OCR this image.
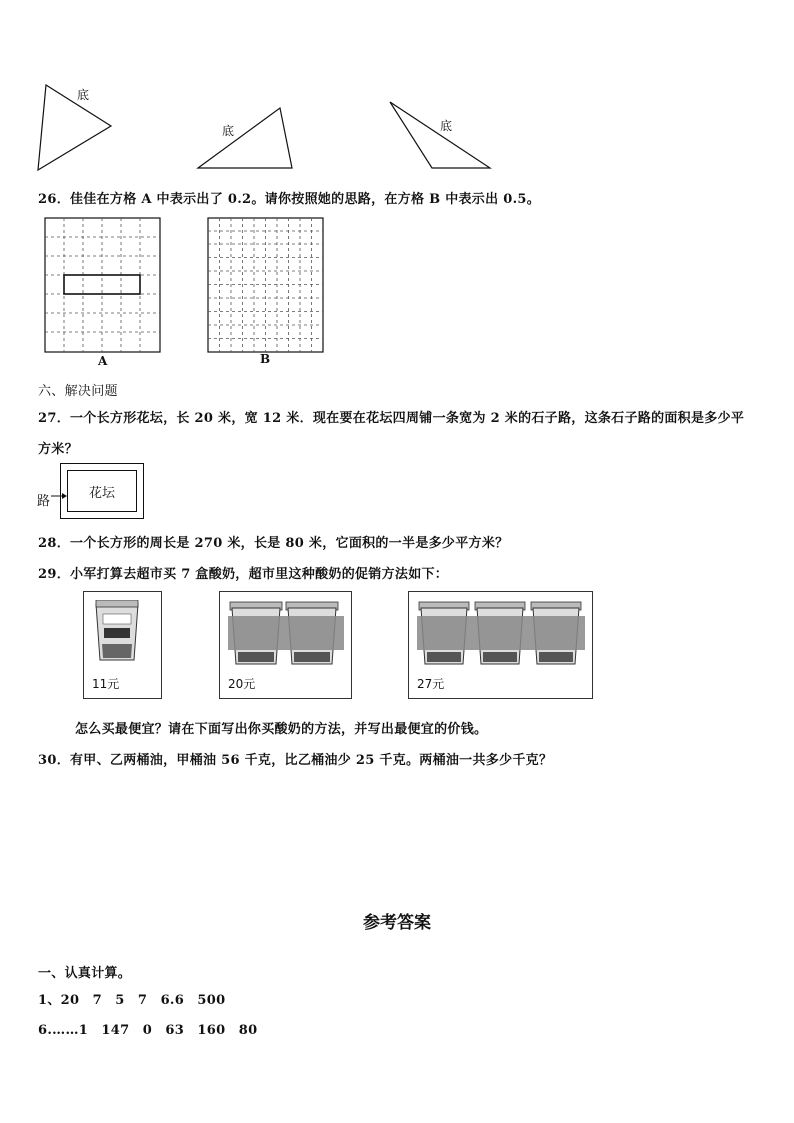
底
底	底
26．佳佳在方格 A 中表示出了 0.2。请你按照她的思路，在方格 B 中表示出 0.5。
A	B
六、解决问题
27．一个长方形花坛，长 20 米，宽 12 米．现在要在花坛四周铺一条宽为 2 米的石子路，这条石子路的面积是多少平
方米？
花坛
路
28．一个长方形的周长是 270 米，长是 80 米，它面积的一半是多少平方米？
29．小军打算去超市买 7 盒酸奶，超市里这种酸奶的促销方法如下：
11元	20元	27元
怎么买最便宜？请在下面写出你买酸奶的方法，并写出最便宜的价钱。
30．有甲、乙两桶油，甲桶油 56 千克，比乙桶油少 25 千克。两桶油一共多少千克？
参考答案
一、认真计算。
1、20　7　5　7　6.6　500
6.……1　147　0　63　160　80
